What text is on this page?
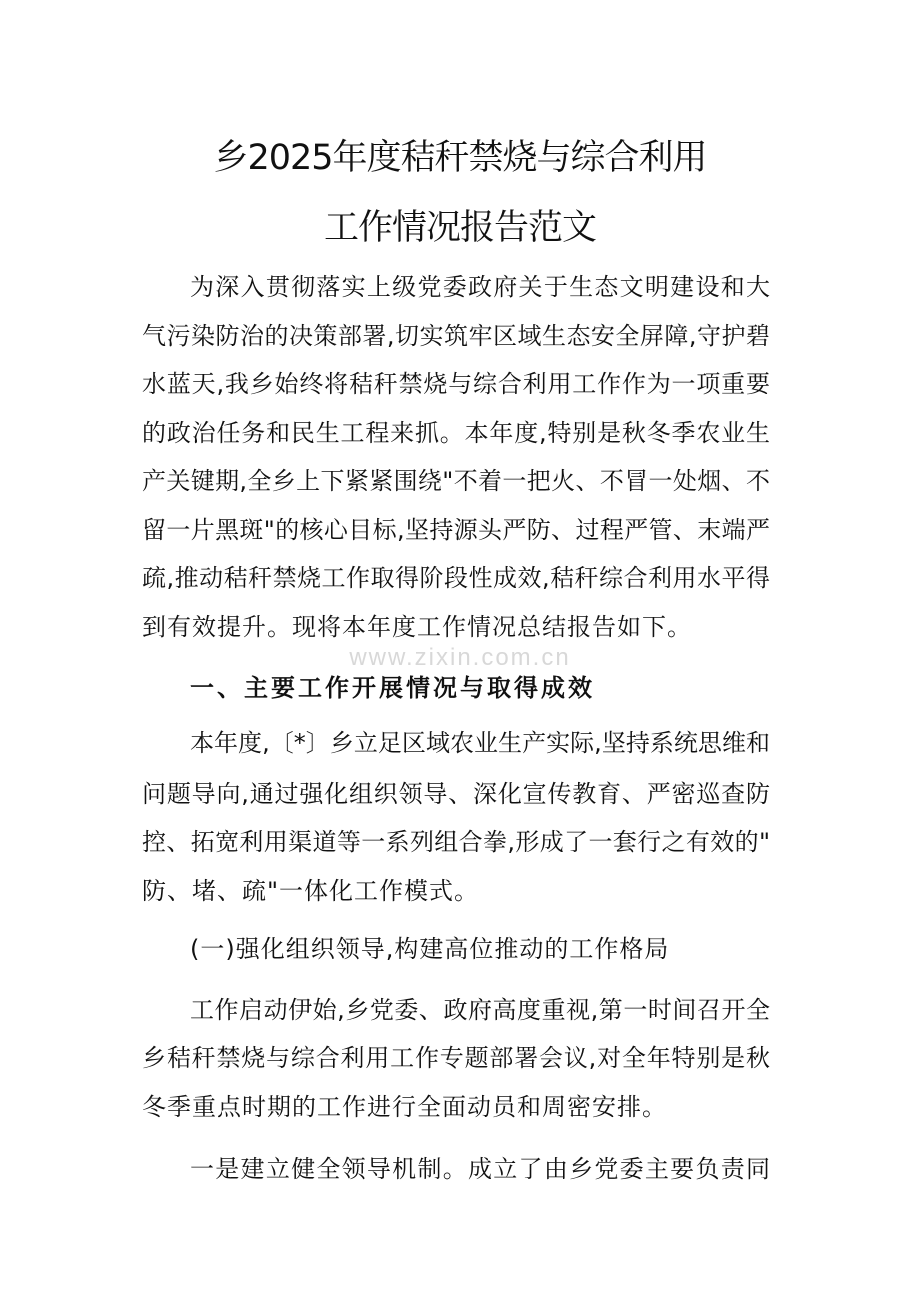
乡2025年度秸秆禁烧与综合利用
工作情况报告范文
www.zixin.com.cn
为深入贯彻落实上级党委政府关于生态文明建设和大
气污染防治的决策部署,切实筑牢区域生态安全屏障,守护碧
水蓝天,我乡始终将秸秆禁烧与综合利用工作作为一项重要
的政治任务和民生工程来抓。本年度,特别是秋冬季农业生
产关键期,全乡上下紧紧围绕"不着一把火、不冒一处烟、不
留一片黑斑"的核心目标,坚持源头严防、过程严管、末端严
疏,推动秸秆禁烧工作取得阶段性成效,秸秆综合利用水平得
到有效提升。现将本年度工作情况总结报告如下。
一、主要工作开展情况与取得成效
本年度,〔*〕乡立足区域农业生产实际,坚持系统思维和
问题导向,通过强化组织领导、深化宣传教育、严密巡查防
控、拓宽利用渠道等一系列组合拳,形成了一套行之有效的"
防、堵、疏"一体化工作模式。
(一)强化组织领导,构建高位推动的工作格局
工作启动伊始,乡党委、政府高度重视,第一时间召开全
乡秸秆禁烧与综合利用工作专题部署会议,对全年特别是秋
冬季重点时期的工作进行全面动员和周密安排。
一是建立健全领导机制。成立了由乡党委主要负责同
